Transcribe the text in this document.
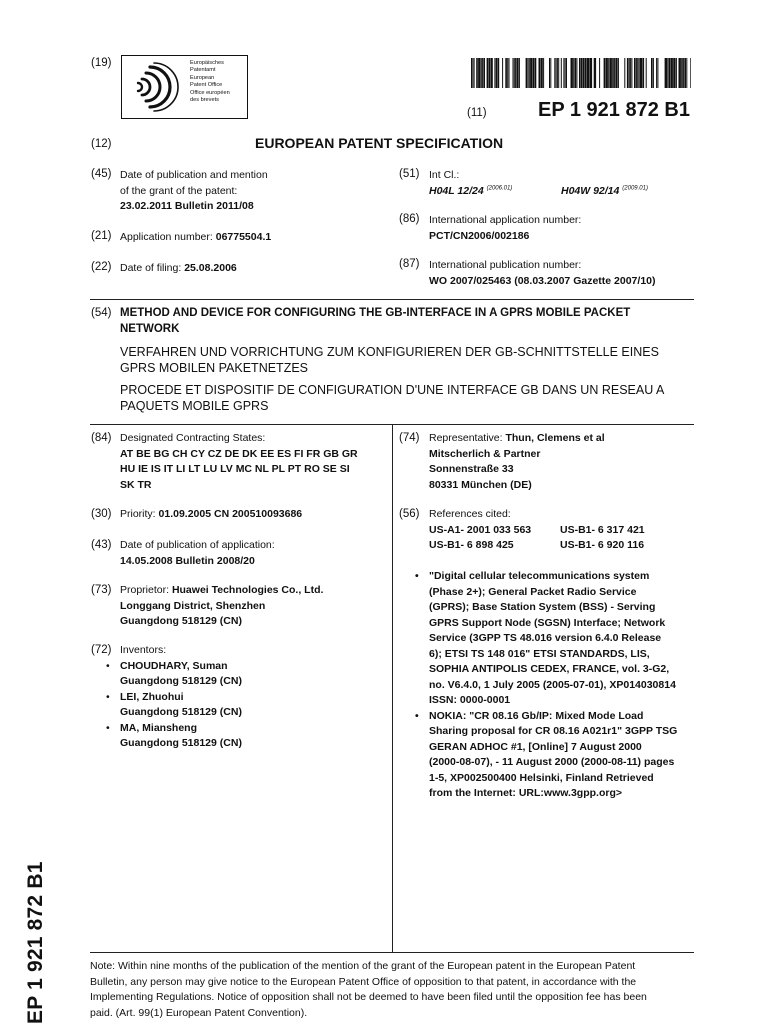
(19)	Europäisches
Patentamt
European
Patent Office
Office européen
des brevets
(11)	EP 1 921 872 B1
(12)	EUROPEAN PATENT SPECIFICATION
(45) Date of publication and mention
of the grant of the patent:
23.02.2011 Bulletin 2011/08
(21) Application number: 06775504.1
(22) Date of filing: 25.08.2006
(51) Int Cl.:
H04L 12/24 $^{(2006.01)}$	H04W 92/14 $^{(2009.01)}$
(86) International application number:
PCT/CN2006/002186
(87) International publication number:
WO 2007/025463 (08.03.2007 Gazette 2007/10)
(54) METHOD AND DEVICE FOR CONFIGURING THE GB-INTERFACE IN A GPRS MOBILE PACKET
NETWORK
VERFAHREN UND VORRICHTUNG ZUM KONFIGURIEREN DER GB-SCHNITTSTELLE EINES
GPRS MOBILEN PAKETNETZES
PROCEDE ET DISPOSITIF DE CONFIGURATION D'UNE INTERFACE GB DANS UN RESEAU A
PAQUETS MOBILE GPRS
(84) Designated Contracting States:
AT BE BG CH CY CZ DE DK EE ES FI FR GB GR
HU IE IS IT LI LT LU LV MC NL PL PT RO SE SI
SK TR
(30) Priority: 01.09.2005 CN 200510093686
(43) Date of publication of application:
14.05.2008 Bulletin 2008/20
(73) Proprietor: Huawei Technologies Co., Ltd.
Longgang District, Shenzhen
Guangdong 518129 (CN)
(72) Inventors:
• CHOUDHARY, Suman
Guangdong 518129 (CN)
• LEI, Zhuohui
Guangdong 518129 (CN)
• MA, Miansheng
Guangdong 518129 (CN)
(74) Representative: Thun, Clemens et al
Mitscherlich & Partner
Sonnenstraße 33
80331 München (DE)
(56) References cited:
US-A1- 2001 033 563	US-B1- 6 317 421
US-B1- 6 898 425	US-B1- 6 920 116
• "Digital cellular telecommunications system
(Phase 2+); General Packet Radio Service
(GPRS); Base Station System (BSS) - Serving
GPRS Support Node (SGSN) Interface; Network
Service (3GPP TS 48.016 version 6.4.0 Release
6); ETSI TS 148 016" ETSI STANDARDS, LIS,
SOPHIA ANTIPOLIS CEDEX, FRANCE, vol. 3-G2,
no. V6.4.0, 1 July 2005 (2005-07-01), XP014030814
ISSN: 0000-0001
• NOKIA: "CR 08.16 Gb/IP: Mixed Mode Load
Sharing proposal for CR 08.16 A021r1" 3GPP TSG
GERAN ADHOC #1, [Online] 7 August 2000
(2000-08-07), - 11 August 2000 (2000-08-11) pages
1-5, XP002500400 Helsinki, Finland Retrieved
from the Internet: URL:www.3gpp.org>
Note: Within nine months of the publication of the mention of the grant of the European patent in the European Patent
Bulletin, any person may give notice to the European Patent Office of opposition to that patent, in accordance with the
Implementing Regulations. Notice of opposition shall not be deemed to have been filed until the opposition fee has been
paid. (Art. 99(1) European Patent Convention).
EP 1 921 872 B1
